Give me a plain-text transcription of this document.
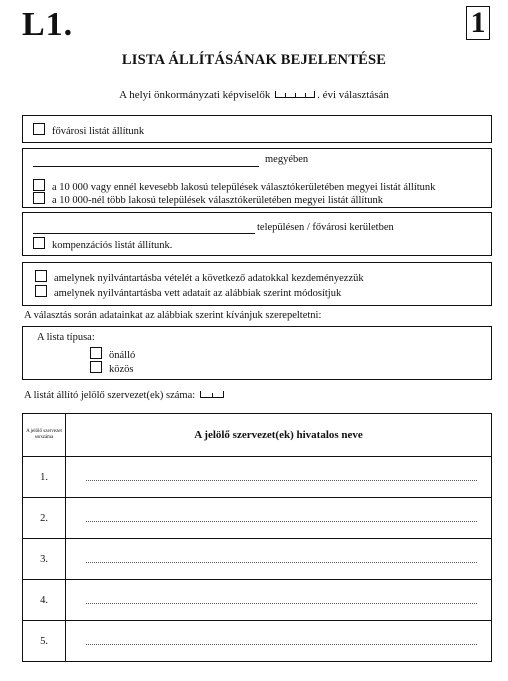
L1.	1
LISTA ÁLLÍTÁSÁNAK BEJELENTÉSE
A helyi önkormányzati képviselők	. évi választásán
fővárosi listát állítunk
megyében
a 10 000 vagy ennél kevesebb lakosú települések választókerületében megyei listát állítunk
a 10 000-nél több lakosú települések választókerületében megyei listát állítunk
településen / fővárosi kerületben
kompenzációs listát állítunk.
amelynek nyilvántartásba vételét a következő adatokkal kezdeményezzük
amelynek nyilvántartásba vett adatait az alábbiak szerint módosítjuk
A választás során adatainkat az alábbiak szerint kívánjuk szerepeltetni:
A lista típusa:
önálló
közös
A listát állító jelölő szervezet(ek) száma:
A jelölő szervezet sorszáma	A jelölő szervezet(ek) hivatalos neve
1.	

2.	

3.	

4.	

5.	
